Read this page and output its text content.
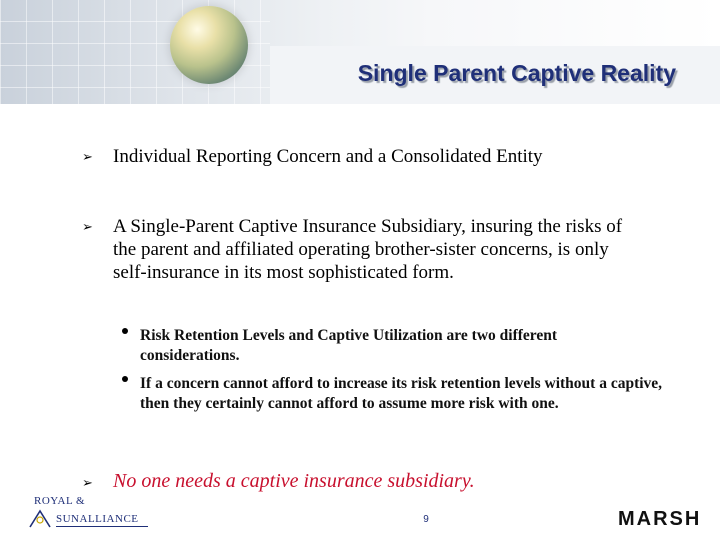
Single Parent Captive Reality
➢ Individual Reporting Concern and a Consolidated Entity
➢ A Single-Parent Captive Insurance Subsidiary, insuring the risks of the parent and affiliated operating brother-sister concerns, is only self-insurance in its most sophisticated form.
Risk Retention Levels and Captive Utilization are two different considerations.
If a concern cannot afford to increase its risk retention levels without a captive, then they certainly cannot afford to assume more risk with one.
➢ No one needs a captive insurance subsidiary.
ROYAL &
SUNALLIANCE	9	MARSH
